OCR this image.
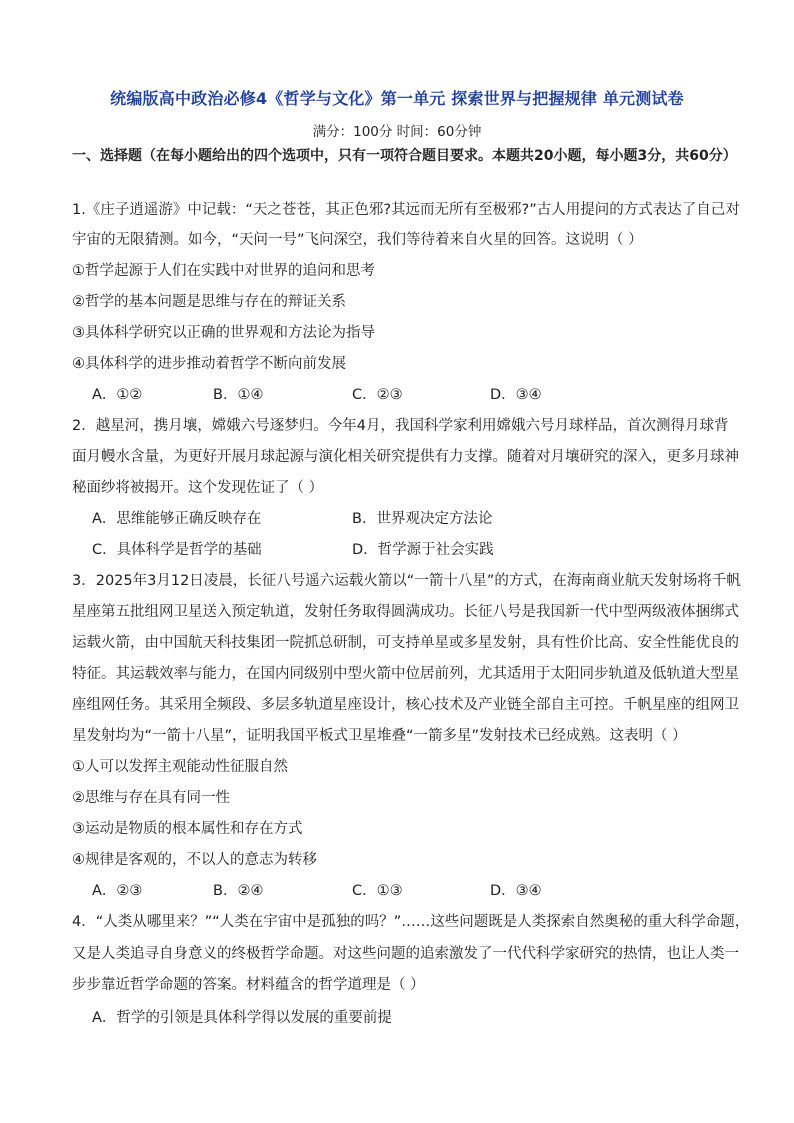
统编版高中政治必修4《哲学与文化》第一单元 探索世界与把握规律 单元测试卷
满分：100分 时间：60分钟
一、选择题（在每小题给出的四个选项中，只有一项符合题目要求。本题共20小题，每小题3分，共60分）
1.《庄子逍遥游》中记载：“天之苍苍，其正色邪?其远而无所有至极邪?”古人用提问的方式表达了自己对
宇宙的无限猜测。如今，“天问一号”飞问深空，我们等待着来自火星的回答。这说明（ ）
①哲学起源于人们在实践中对世界的追问和思考
②哲学的基本问题是思维与存在的辩证关系
③具体科学研究以正确的世界观和方法论为指导
④具体科学的进步推动着哲学不断向前发展
A．①②	B．①④	C．②③	D．③④
2．越星河，携月壤，嫦娥六号逐梦归。今年4月，我国科学家利用嫦娥六号月球样品，首次测得月球背
面月幔水含量，为更好开展月球起源与演化相关研究提供有力支撑。随着对月壤研究的深入，更多月球神
秘面纱将被揭开。这个发现佐证了（ ）
A．思维能够正确反映存在	B．世界观决定方法论
C．具体科学是哲学的基础	D．哲学源于社会实践
3．2025年3月12日凌晨，长征八号遥六运载火箭以“一箭十八星”的方式，在海南商业航天发射场将千帆
星座第五批组网卫星送入预定轨道，发射任务取得圆满成功。长征八号是我国新一代中型两级液体捆绑式
运载火箭，由中国航天科技集团一院抓总研制，可支持单星或多星发射，具有性价比高、安全性能优良的
特征。其运载效率与能力，在国内同级别中型火箭中位居前列，尤其适用于太阳同步轨道及低轨道大型星
座组网任务。其采用全频段、多层多轨道星座设计，核心技术及产业链全部自主可控。千帆星座的组网卫
星发射均为“一箭十八星”，证明我国平板式卫星堆叠“一箭多星”发射技术已经成熟。这表明（ ）
①人可以发挥主观能动性征服自然
②思维与存在具有同一性
③运动是物质的根本属性和存在方式
④规律是客观的，不以人的意志为转移
A．②③	B．②④	C．①③	D．③④
4．“人类从哪里来？”“人类在宇宙中是孤独的吗？”……这些问题既是人类探索自然奥秘的重大科学命题，
又是人类追寻自身意义的终极哲学命题。对这些问题的追索激发了一代代科学家研究的热情，也让人类一
步步靠近哲学命题的答案。材料蕴含的哲学道理是（ ）
A．哲学的引领是具体科学得以发展的重要前提
